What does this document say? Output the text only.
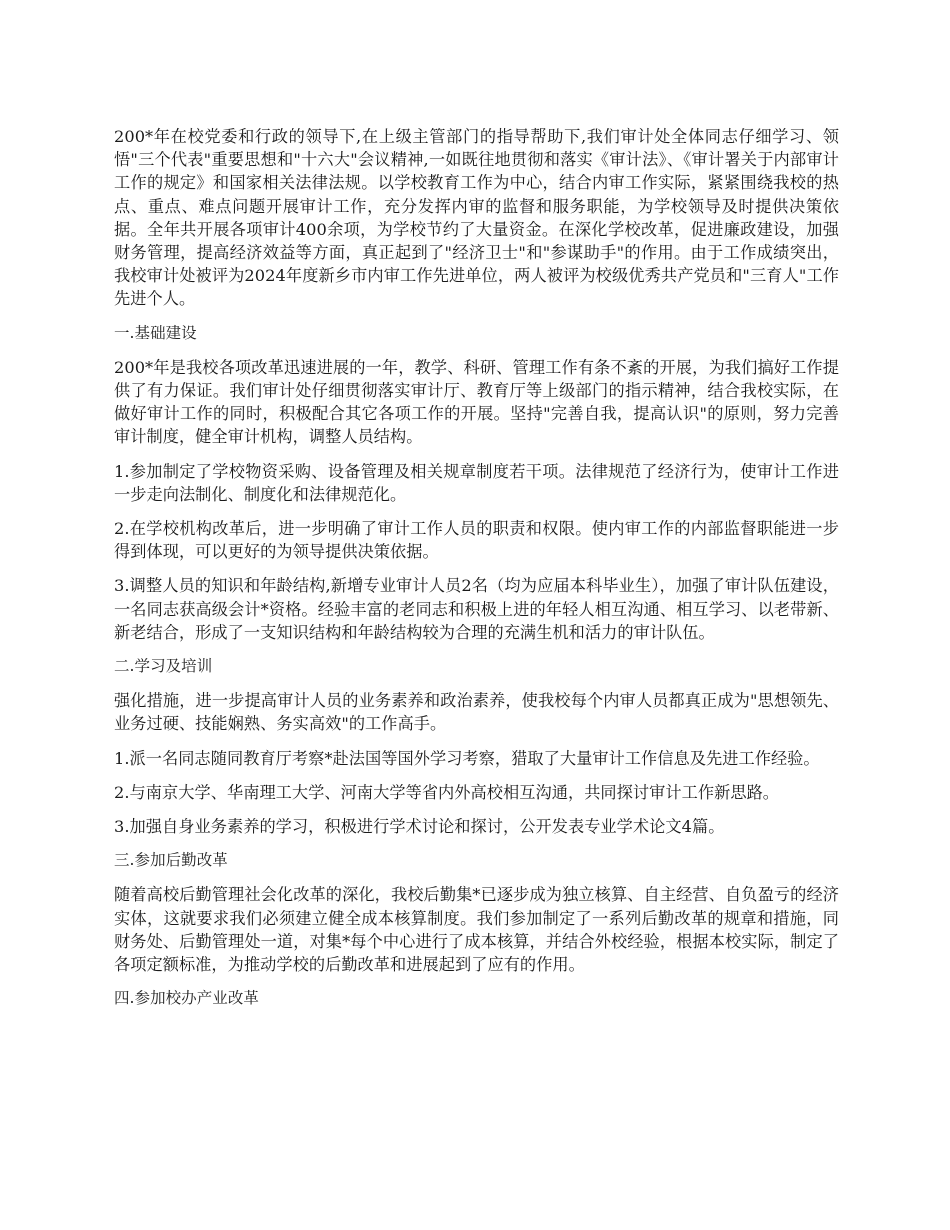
200*年在校党委和行政的领导下,在上级主管部门的指导帮助下,我们审计处全体同志仔细学习、领悟"三个代表"重要思想和"十六大"会议精神,一如既往地贯彻和落实《审计法》、《审计署关于内部审计工作的规定》和国家相关法律法规。以学校教育工作为中心，结合内审工作实际，紧紧围绕我校的热点、重点、难点问题开展审计工作，充分发挥内审的监督和服务职能，为学校领导及时提供决策依据。全年共开展各项审计400余项，为学校节约了大量资金。在深化学校改革，促进廉政建设，加强财务管理，提高经济效益等方面，真正起到了"经济卫士"和"参谋助手"的作用。由于工作成绩突出，我校审计处被评为2024年度新乡市内审工作先进单位，两人被评为校级优秀共产党员和"三育人"工作先进个人。

一.基础建设

200*年是我校各项改革迅速进展的一年，教学、科研、管理工作有条不紊的开展，为我们搞好工作提供了有力保证。我们审计处仔细贯彻落实审计厅、教育厅等上级部门的指示精神，结合我校实际，在做好审计工作的同时，积极配合其它各项工作的开展。坚持"完善自我，提高认识"的原则，努力完善审计制度，健全审计机构，调整人员结构。

1.参加制定了学校物资采购、设备管理及相关规章制度若干项。法律规范了经济行为，使审计工作进一步走向法制化、制度化和法律规范化。

2.在学校机构改革后，进一步明确了审计工作人员的职责和权限。使内审工作的内部监督职能进一步得到体现，可以更好的为领导提供决策依据。

3.调整人员的知识和年龄结构,新增专业审计人员2名（均为应届本科毕业生），加强了审计队伍建设，一名同志获高级会计*资格。经验丰富的老同志和积极上进的年轻人相互沟通、相互学习、以老带新、新老结合，形成了一支知识结构和年龄结构较为合理的充满生机和活力的审计队伍。

二.学习及培训

强化措施，进一步提高审计人员的业务素养和政治素养，使我校每个内审人员都真正成为"思想领先、业务过硬、技能娴熟、务实高效"的工作高手。

1.派一名同志随同教育厅考察*赴法国等国外学习考察，猎取了大量审计工作信息及先进工作经验。

2.与南京大学、华南理工大学、河南大学等省内外高校相互沟通，共同探讨审计工作新思路。

3.加强自身业务素养的学习，积极进行学术讨论和探讨，公开发表专业学术论文4篇。

三.参加后勤改革

随着高校后勤管理社会化改革的深化，我校后勤集*已逐步成为独立核算、自主经营、自负盈亏的经济实体，这就要求我们必须建立健全成本核算制度。我们参加制定了一系列后勤改革的规章和措施，同财务处、后勤管理处一道，对集*每个中心进行了成本核算，并结合外校经验，根据本校实际，制定了各项定额标准，为推动学校的后勤改革和进展起到了应有的作用。

四.参加校办产业改革
